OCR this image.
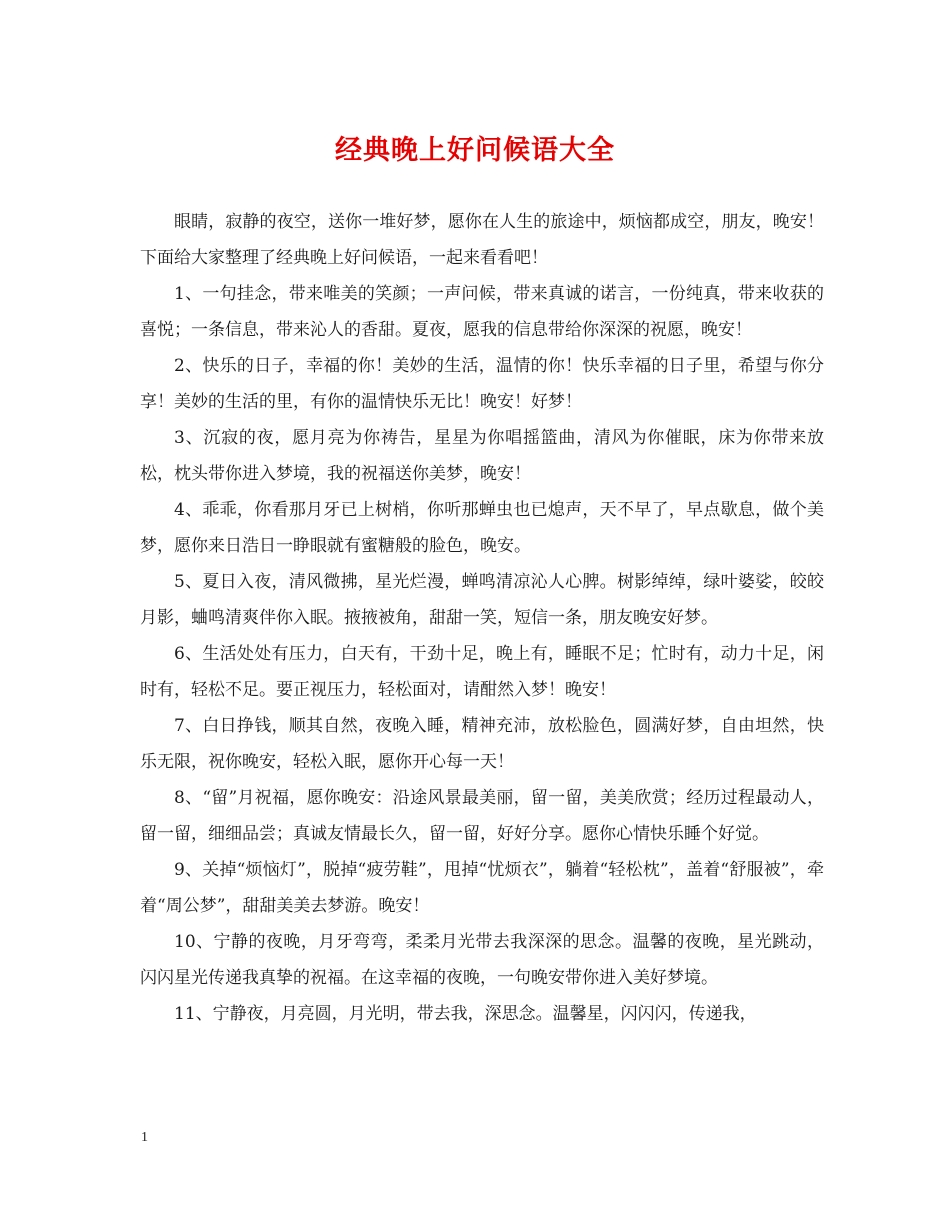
经典晚上好问候语大全

眼睛，寂静的夜空，送你一堆好梦，愿你在人生的旅途中，烦恼都成空，朋友，晚安！下面给大家整理了经典晚上好问候语，一起来看看吧！

1、一句挂念，带来唯美的笑颜；一声问候，带来真诚的诺言，一份纯真，带来收获的喜悦；一条信息，带来沁人的香甜。夏夜，愿我的信息带给你深深的祝愿，晚安！

2、快乐的日子，幸福的你！美妙的生活，温情的你！快乐幸福的日子里，希望与你分享！美妙的生活的里，有你的温情快乐无比！晚安！好梦！

3、沉寂的夜，愿月亮为你祷告，星星为你唱摇篮曲，清风为你催眠，床为你带来放松，枕头带你进入梦境，我的祝福送你美梦，晚安！

4、乖乖，你看那月牙已上树梢，你听那蝉虫也已熄声，天不早了，早点歇息，做个美梦，愿你来日浩日一睁眼就有蜜糖般的脸色，晚安。

5、夏日入夜，清风微拂，星光烂漫，蝉鸣清凉沁人心脾。树影绰绰，绿叶婆娑，皎皎月影，蛐鸣清爽伴你入眠。掖掖被角，甜甜一笑，短信一条，朋友晚安好梦。

6、生活处处有压力，白天有，干劲十足，晚上有，睡眠不足；忙时有，动力十足，闲时有，轻松不足。要正视压力，轻松面对，请酣然入梦！晚安！

7、白日挣钱，顺其自然，夜晚入睡，精神充沛，放松脸色，圆满好梦，自由坦然，快乐无限，祝你晚安，轻松入眠，愿你开心每一天！

8、“留”月祝福，愿你晚安：沿途风景最美丽，留一留，美美欣赏；经历过程最动人，留一留，细细品尝；真诚友情最长久，留一留，好好分享。愿你心情快乐睡个好觉。

9、关掉“烦恼灯”，脱掉“疲劳鞋”，甩掉“忧烦衣”，躺着“轻松枕”，盖着“舒服被”，牵着“周公梦”，甜甜美美去梦游。晚安！

10、宁静的夜晚，月牙弯弯，柔柔月光带去我深深的思念。温馨的夜晚，星光跳动，闪闪星光传递我真挚的祝福。在这幸福的夜晚，一句晚安带你进入美好梦境。

11、宁静夜，月亮圆，月光明，带去我，深思念。温馨星，闪闪闪，传递我，

1
